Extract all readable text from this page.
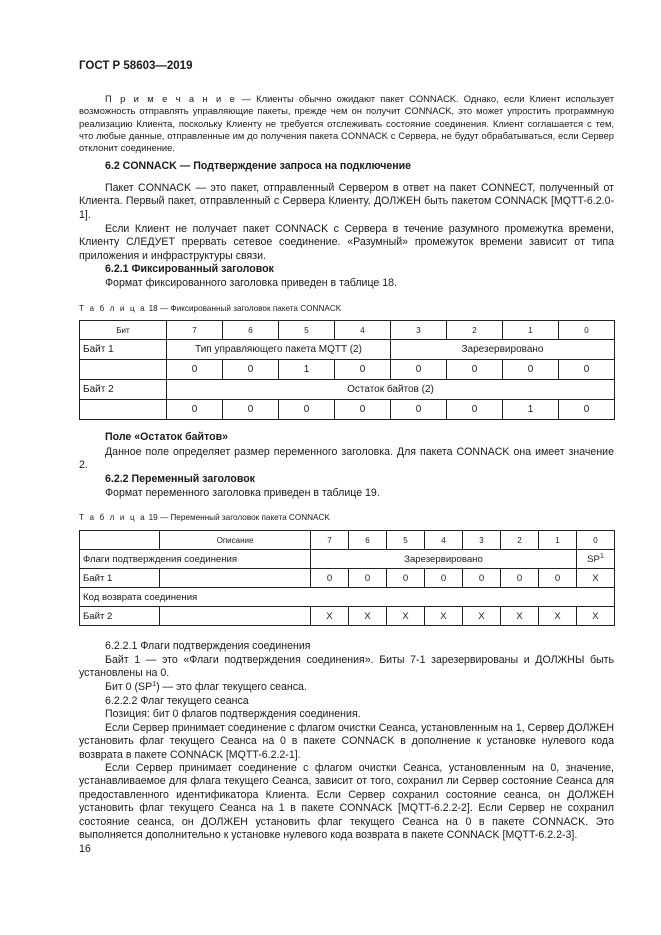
ГОСТ Р 58603—2019
П р и м е ч а н и е — Клиенты обычно ожидают пакет CONNACK. Однако, если Клиент использует возможность отправлять управляющие пакеты, прежде чем он получит CONNACK, это может упростить программную реализацию Клиента, поскольку Клиенту не требуется отслеживать состояние соединения. Клиент соглашается с тем, что любые данные, отправленные им до получения пакета CONNACK с Сервера, не будут обрабатываться, если Сервер отклонит соединение.
6.2 CONNACK — Подтверждение запроса на подключение
Пакет CONNACK — это пакет, отправленный Сервером в ответ на пакет CONNECT, полученный от Клиента. Первый пакет, отправленный с Сервера Клиенту, ДОЛЖЕН быть пакетом CONNACK [MQTT-6.2.0-1].
Если Клиент не получает пакет CONNACK с Сервера в течение разумного промежутка времени, Клиенту СЛЕДУЕТ прервать сетевое соединение. «Разумный» промежуток времени зависит от типа приложения и инфраструктуры связи.
6.2.1 Фиксированный заголовок
Формат фиксированного заголовка приведен в таблице 18.
Т а б л и ц а 18 — Фиксированный заголовок пакета CONNACK
Бит	7	6	5	4	3	2	1	0
Байт 1	Тип управляющего пакета MQTT (2)				Зарезервировано			
	0	0	1	0	0	0	0	0
Байт 2	Остаток байтов (2)							
	0	0	0	0	0	0	1	0
Поле «Остаток байтов»
Данное поле определяет размер переменного заголовка. Для пакета CONNACK она имеет значение 2.
6.2.2 Переменный заголовок
Формат переменного заголовка приведен в таблице 19.
Т а б л и ц а 19 — Переменный заголовок пакета CONNACK
	Описание	7	6	5	4	3	2	1	0
Флаги подтверждения соединения		Зарезервировано							$SP^1$
Байт 1		0	0	0	0	0	0	0	X
Код возврата соединения									
Байт 2		X	X	X	X	X	X	X	X
6.2.2.1 Флаги подтверждения соединения
Байт 1 — это «Флаги подтверждения соединения». Биты 7-1 зарезервированы и ДОЛЖНЫ быть установлены на 0.
Бит 0 $(SP^1)$ — это флаг текущего сеанса.
6.2.2.2 Флаг текущего сеанса
Позиция: бит 0 флагов подтверждения соединения.
Если Сервер принимает соединение с флагом очистки Сеанса, установленным на 1, Сервер ДОЛЖЕН установить флаг текущего Сеанса на 0 в пакете CONNACK в дополнение к установке нулевого кода возврата в пакете CONNACK [MQTT-6.2.2-1].
Если Сервер принимает соединение с флагом очистки Сеанса, установленным на 0, значение, устанавливаемое для флага текущего Сеанса, зависит от того, сохранил ли Сервер состояние Сеанса для предоставленного идентификатора Клиента. Если Сервер сохранил состояние сеанса, он ДОЛЖЕН установить флаг текущего Сеанса на 1 в пакете CONNACK [MQTT-6.2.2-2]. Если Сервер не сохранил состояние сеанса, он ДОЛЖЕН установить флаг текущего Сеанса на 0 в пакете CONNACK. Это выполняется дополнительно к установке нулевого кода возврата в пакете CONNACK [MQTT-6.2.2-3].
16
